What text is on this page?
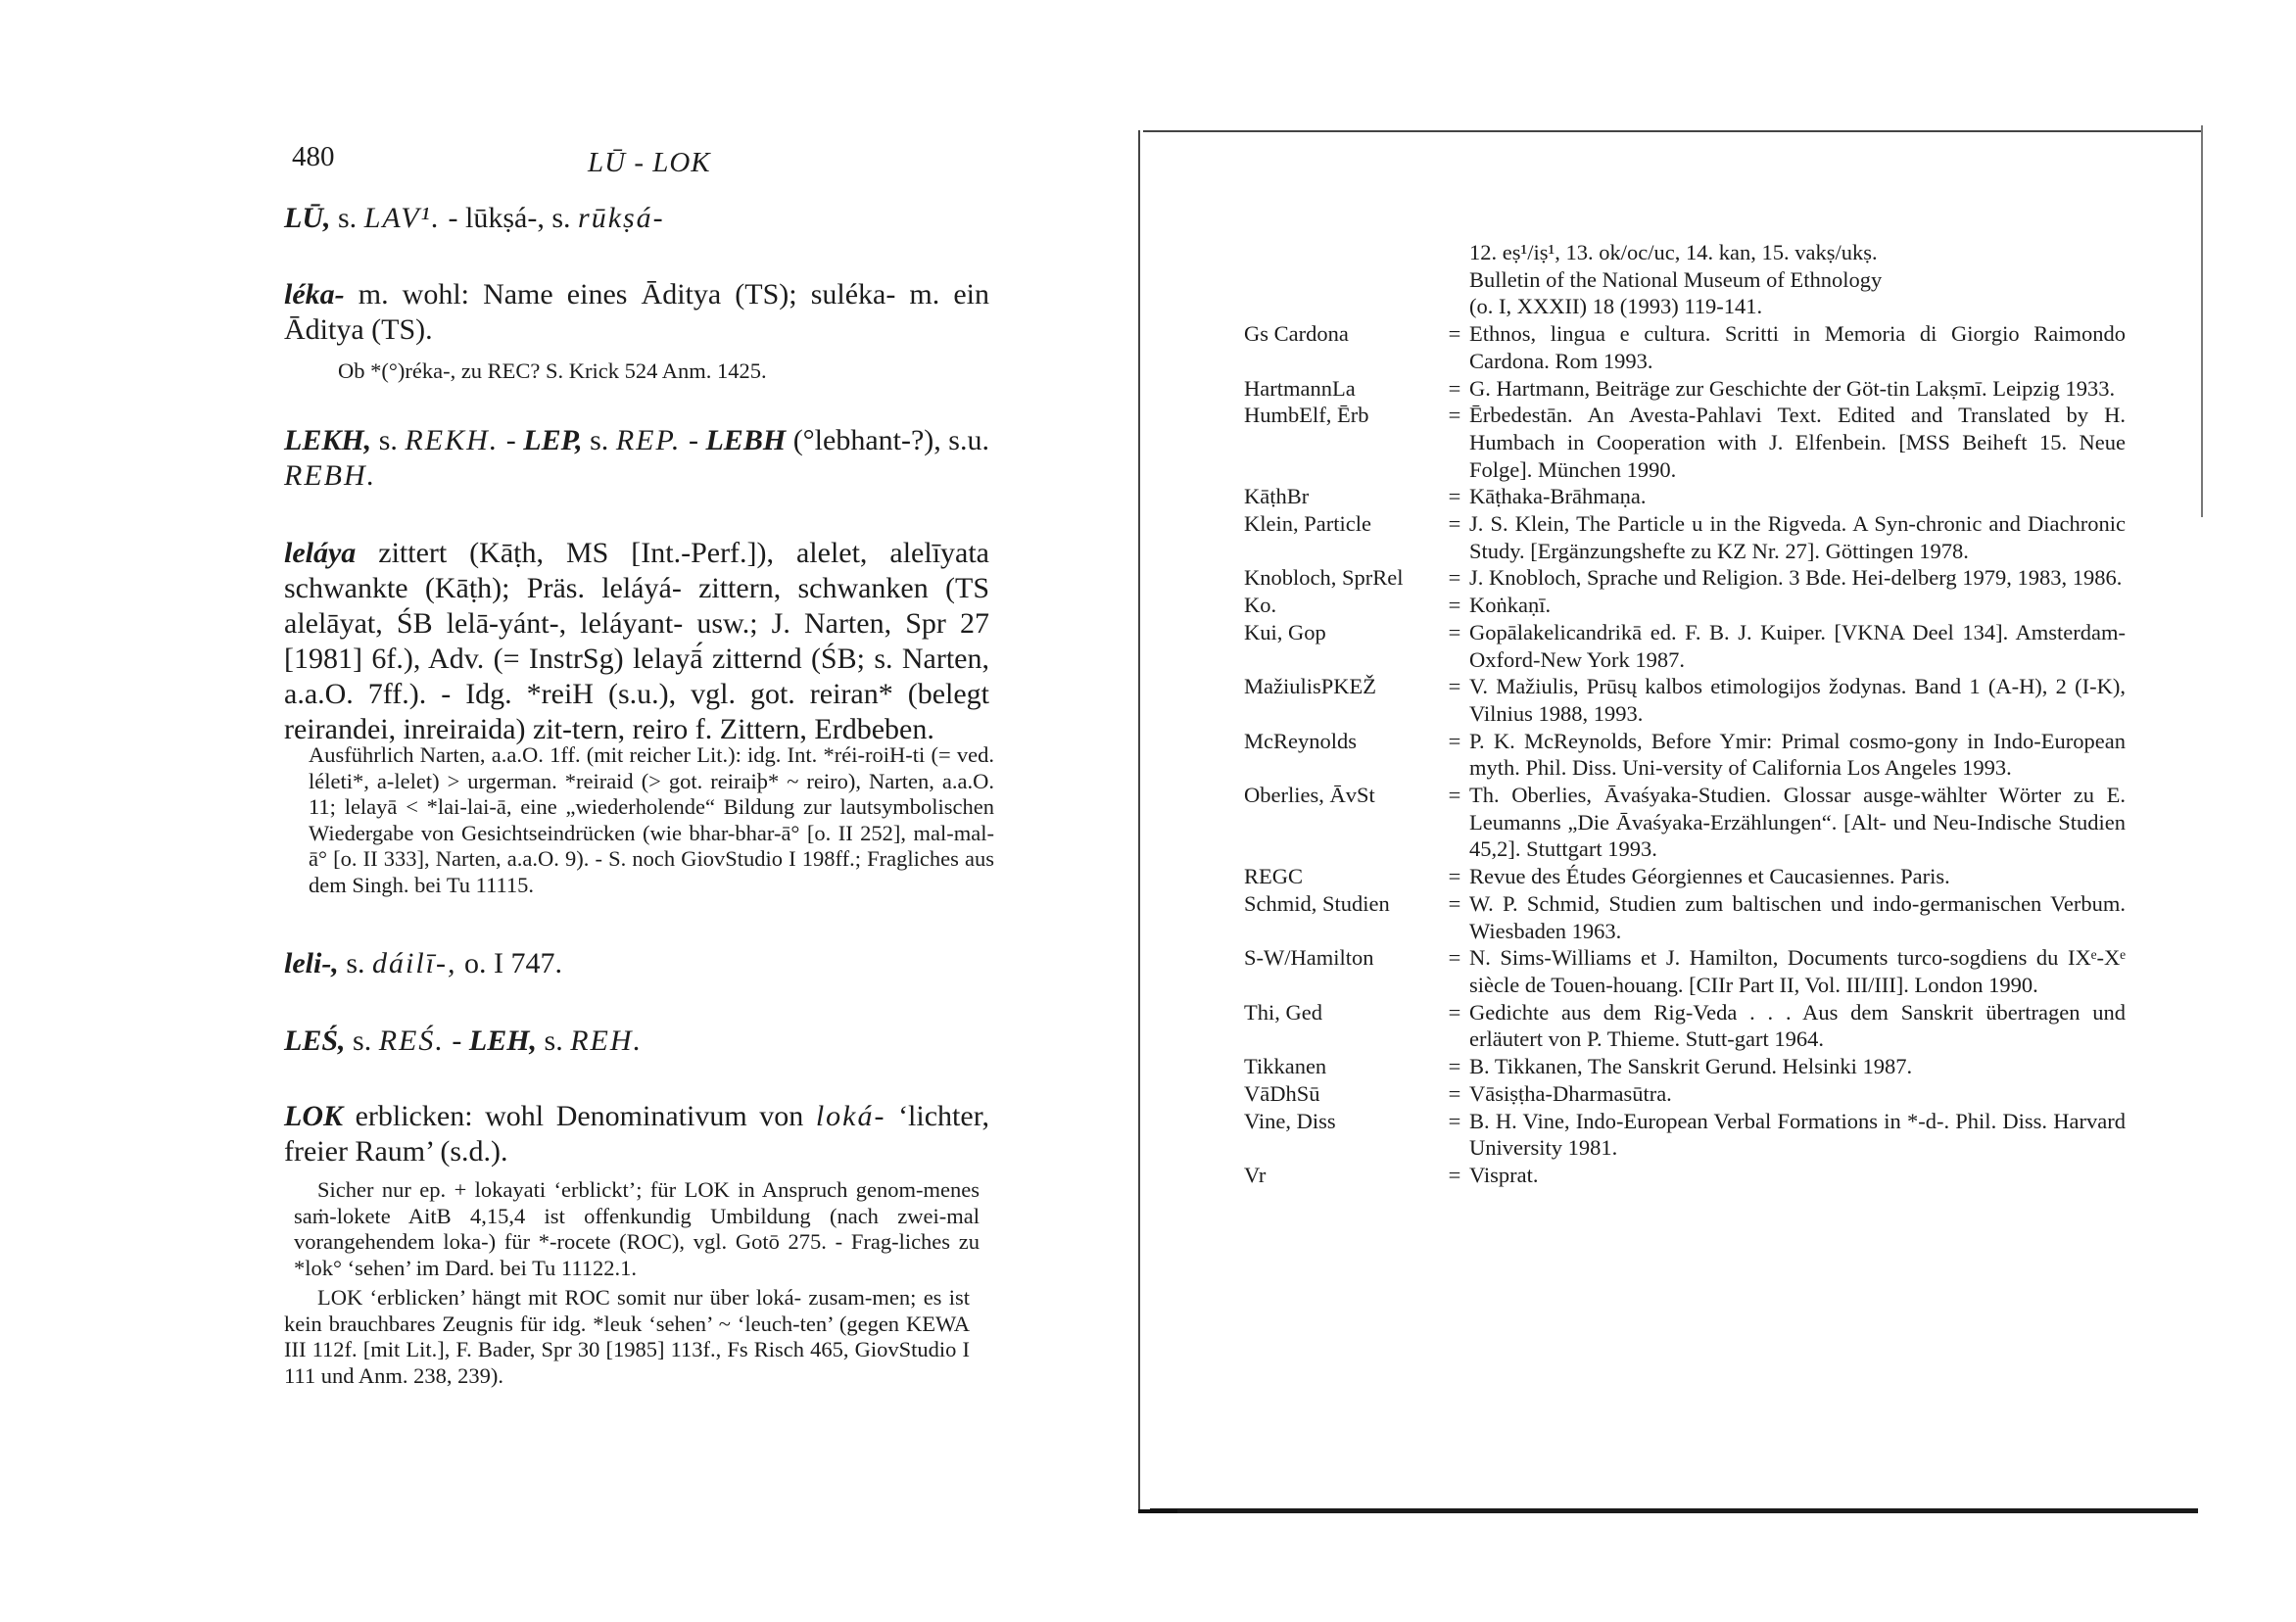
480	LŪ - LOK
LŪ, s. LAV¹. - lūkṣá-, s. rūkṣá-
léka- m. wohl: Name eines Āditya (TS); suléka- m. ein Āditya (TS).
Ob *(°)réka-, zu REC? S. Krick 524 Anm. 1425.
LEKH, s. REKH. - LEP, s. REP. - LEBH (°lebhant-?), s.u. REBH.
leláya zittert (Kāṭh, MS [Int.-Perf.]), alelet, alelīyata schwankte (Kāṭh); Präs. leláyá- zittern, schwanken (TS alelāyat, ŚB lelā-yánt-, leláyant- usw.; J. Narten, Spr 27 [1981] 6f.), Adv. (= InstrSg) lelayā́ zitternd (ŚB; s. Narten, a.a.O. 7ff.). - Idg. *reiH (s.u.), vgl. got. reiran* (belegt reirandei, inreiraida) zit-tern, reiro f. Zittern, Erdbeben.
Ausführlich Narten, a.a.O. 1ff. (mit reicher Lit.): idg. Int. *réi-roiH-ti (= ved. léleti*, a-lelet) > urgerman. *reiraid (> got. reiraiþ* ~ reiro), Narten, a.a.O. 11; lelayā < *lai-lai-ā, eine „wiederholende“ Bildung zur lautsymbolischen Wiedergabe von Gesichtseindrücken (wie bhar-bhar-ā° [o. II 252], mal-mal-ā° [o. II 333], Narten, a.a.O. 9). - S. noch GiovStudio I 198ff.; Fragliches aus dem Singh. bei Tu 11115.
leli-, s. dáilī-, o. I 747.
LEŚ, s. REŚ. - LEH, s. REH.
LOK erblicken: wohl Denominativum von loká- ‘lichter, freier Raum’ (s.d.).
Sicher nur ep. + lokayati ‘erblickt’; für LOK in Anspruch genom-menes saṁ-lokete AitB 4,15,4 ist offenkundig Umbildung (nach zwei-mal vorangehendem loka-) für *-rocete (ROC), vgl. Gotō 275. - Frag-liches zu *lok° ‘sehen’ im Dard. bei Tu 11122.1.
LOK ‘erblicken’ hängt mit ROC somit nur über loká- zusam-men; es ist kein brauchbares Zeugnis für idg. *leuk ‘sehen’ ~ ‘leuch-ten’ (gegen KEWA III 112f. [mit Lit.], F. Bader, Spr 30 [1985] 113f., Fs Risch 465, GiovStudio I 111 und Anm. 238, 239).
12. eṣ¹/iṣ¹, 13. ok/oc/uc, 14. kan, 15. vakṣ/ukṣ.
Bulletin of the National Museum of Ethnology
(o. I, XXXII) 18 (1993) 119-141.
Gs Cardona	= Ethnos, lingua e cultura. Scritti in Memoria di Giorgio Raimondo Cardona. Rom 1993.
HartmannLa	= G. Hartmann, Beiträge zur Geschichte der Göt-tin Lakṣmī. Leipzig 1933.
HumbElf, Ērb	= Ērbedestān. An Avesta-Pahlavi Text. Edited and Translated by H. Humbach in Cooperation with J. Elfenbein. [MSS Beiheft 15. Neue Folge]. München 1990.
KāṭhBr	= Kāṭhaka-Brāhmaṇa.
Klein, Particle	= J. S. Klein, The Particle u in the Rigveda. A Syn-chronic and Diachronic Study. [Ergänzungshefte zu KZ Nr. 27]. Göttingen 1978.
Knobloch, SprRel	= J. Knobloch, Sprache und Religion. 3 Bde. Hei-delberg 1979, 1983, 1986.
Ko.	= Koṅkaṇī.
Kui, Gop	= Gopālakelicandrikā ed. F. B. J. Kuiper. [VKNA Deel 134]. Amsterdam-Oxford-New York 1987.
MažiulisPKEŽ	= V. Mažiulis, Prūsų kalbos etimologijos žodynas. Band 1 (A-H), 2 (I-K), Vilnius 1988, 1993.
McReynolds	= P. K. McReynolds, Before Ymir: Primal cosmo-gony in Indo-European myth. Phil. Diss. Uni-versity of California Los Angeles 1993.
Oberlies, ĀvSt	= Th. Oberlies, Āvaśyaka-Studien. Glossar ausge-wählter Wörter zu E. Leumanns „Die Āvaśyaka-Erzählungen“. [Alt- und Neu-Indische Studien 45,2]. Stuttgart 1993.
REGC	= Revue des Études Géorgiennes et Caucasiennes. Paris.
Schmid, Studien	= W. P. Schmid, Studien zum baltischen und indo-germanischen Verbum. Wiesbaden 1963.
S-W/Hamilton	= N. Sims-Williams et J. Hamilton, Documents turco-sogdiens du IXᵉ-Xᵉ siècle de Touen-houang. [CIIr Part II, Vol. III/III]. London 1990.
Thi, Ged	= Gedichte aus dem Rig-Veda . . . Aus dem Sanskrit übertragen und erläutert von P. Thieme. Stutt-gart 1964.
Tikkanen	= B. Tikkanen, The Sanskrit Gerund. Helsinki 1987.
VāDhSū	= Vāsiṣṭha-Dharmasūtra.
Vine, Diss	= B. H. Vine, Indo-European Verbal Formations in *-d-. Phil. Diss. Harvard University 1981.
Vr	= Visprat.
